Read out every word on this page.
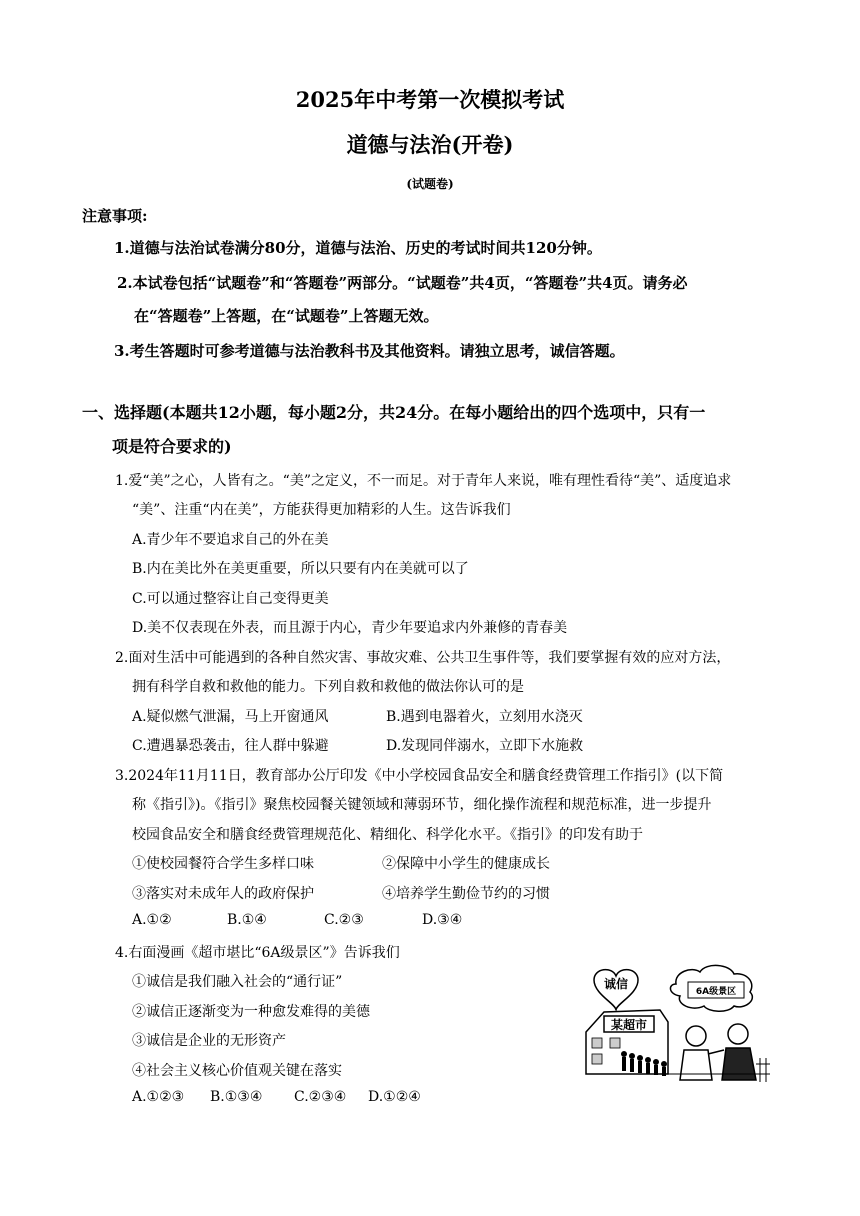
2025年中考第一次模拟考试
道德与法治(开卷)
(试题卷)
注意事项:
1.道德与法治试卷满分80分，道德与法治、历史的考试时间共120分钟。
2.本试卷包括“试题卷”和“答题卷”两部分。“试题卷”共4页，“答题卷”共4页。请务必
在“答题卷”上答题，在“试题卷”上答题无效。
3.考生答题时可参考道德与法治教科书及其他资料。请独立思考，诚信答题。
一、选择题(本题共12小题，每小题2分，共24分。在每小题给出的四个选项中，只有一
项是符合要求的)
1.爱“美”之心，人皆有之。“美”之定义，不一而足。对于青年人来说，唯有理性看待“美”、适度追求
“美”、注重“内在美”，方能获得更加精彩的人生。这告诉我们
A.青少年不要追求自己的外在美
B.内在美比外在美更重要，所以只要有内在美就可以了
C.可以通过整容让自己变得更美
D.美不仅表现在外表，而且源于内心，青少年要追求内外兼修的青春美
2.面对生活中可能遇到的各种自然灾害、事故灾难、公共卫生事件等，我们要掌握有效的应对方法，
拥有科学自救和救他的能力。下列自救和救他的做法你认可的是
A.疑似燃气泄漏，马上开窗通风	B.遇到电器着火，立刻用水浇灭
C.遭遇暴恐袭击，往人群中躲避	D.发现同伴溺水，立即下水施救
3.2024年11月11日，教育部办公厅印发《中小学校园食品安全和膳食经费管理工作指引》(以下简
称《指引》)。《指引》聚焦校园餐关键领域和薄弱环节，细化操作流程和规范标准，进一步提升
校园食品安全和膳食经费管理规范化、精细化、科学化水平。《指引》的印发有助于
①使校园餐符合学生多样口味	②保障中小学生的健康成长
③落实对未成年人的政府保护	④培养学生勤俭节约的习惯
A.①②	B.①④	C.②③	D.③④
4.右面漫画《超市堪比“6A级景区”》告诉我们
①诚信是我们融入社会的“通行证”
②诚信正逐渐变为一种愈发难得的美德
③诚信是企业的无形资产
④社会主义核心价值观关键在落实
A.①②③ B.①③④ C.②③④ D.①②④
诚信
6A级景区
某超市
